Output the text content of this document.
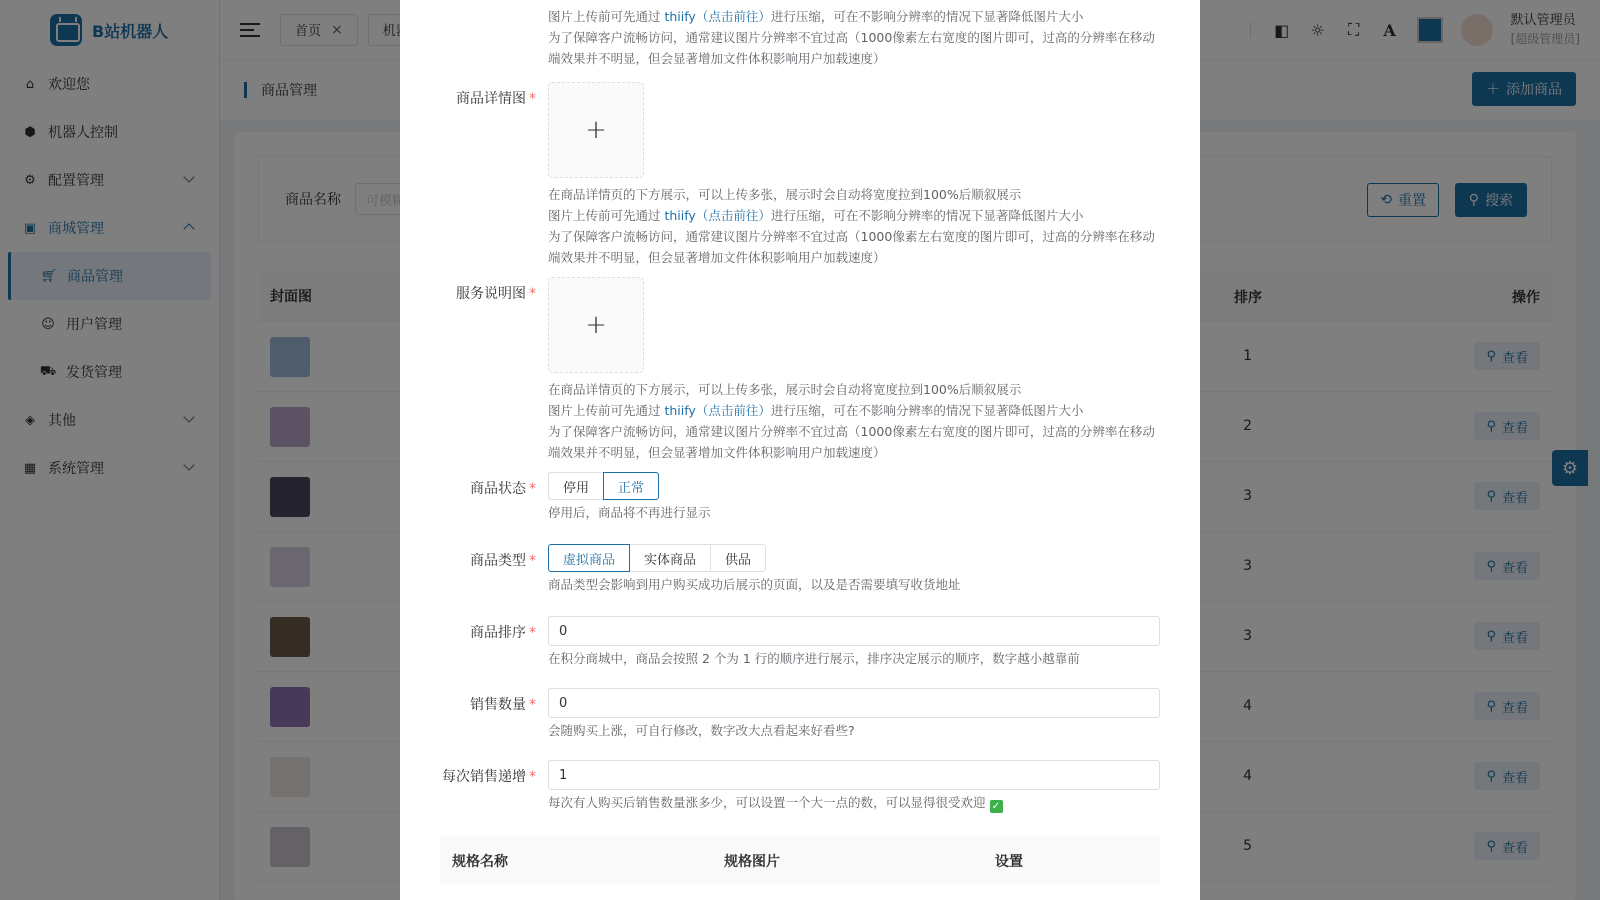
图片上传前可先通过 thiify（点击前往）进行压缩，可在不影响分辨率的情况下显著降低图片大小
为了保障客户流畅访问，通常建议图片分辨率不宜过高（1000像素左右宽度的图片即可，过高的分辨率在移动端效果并不明显，但会显著增加文件体积影响用户加载速度）
商品详情图 *
+
在商品详情页的下方展示，可以上传多张，展示时会自动将宽度拉到100%后顺叙展示
图片上传前可先通过 thiify（点击前往）进行压缩，可在不影响分辨率的情况下显著降低图片大小
为了保障客户流畅访问，通常建议图片分辨率不宜过高（1000像素左右宽度的图片即可，过高的分辨率在移动端效果并不明显，但会显著增加文件体积影响用户加载速度）
服务说明图 *
+
在商品详情页的下方展示，可以上传多张，展示时会自动将宽度拉到100%后顺叙展示
图片上传前可先通过 thiify（点击前往）进行压缩，可在不影响分辨率的情况下显著降低图片大小
为了保障客户流畅访问，通常建议图片分辨率不宜过高（1000像素左右宽度的图片即可，过高的分辨率在移动端效果并不明显，但会显著增加文件体积影响用户加载速度）
商品状态 *	停用	正常
停用后，商品将不再进行显示
商品类型 *	虚拟商品	实体商品	供品
商品类型会影响到用户购买成功后展示的页面，以及是否需要填写收货地址
商品排序 *	0
在积分商城中，商品会按照 2 个为 1 行的顺序进行展示，排序决定展示的顺序，数字越小越靠前
销售数量 *	0
会随购买上涨，可自行修改，数字改大点看起来好看些?
每次销售递增 *	1
每次有人购买后销售数量涨多少，可以设置一个大一点的数，可以显得很受欢迎 ✓
规格名称	规格图片	设置
